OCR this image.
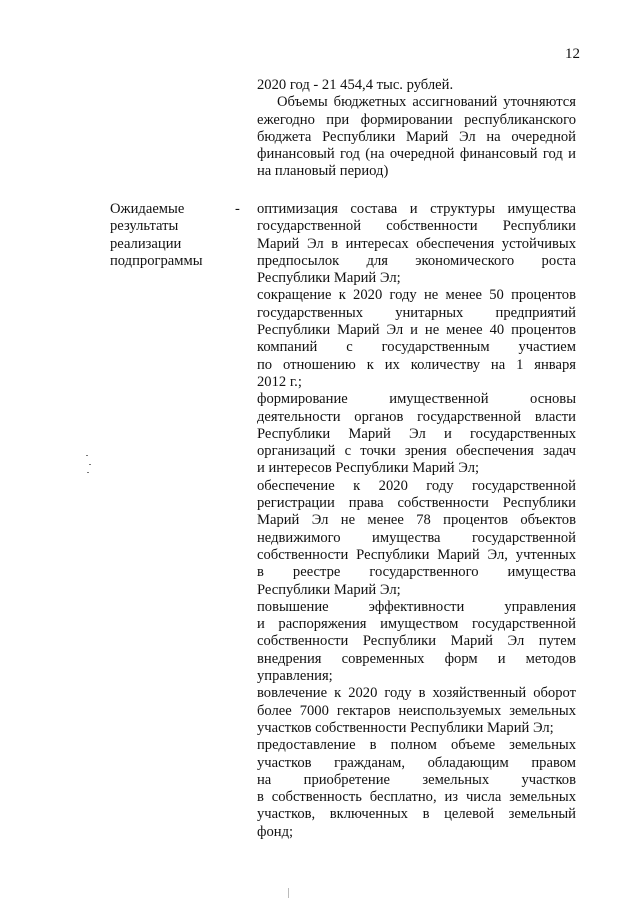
12

2020 год - 21 454,4 тыс. рублей.

Объемы бюджетных ассигнований уточняются ежегодно при формировании республиканского бюджета Республики Марий Эл на очередной финансовый год (на очередной финансовый год и на плановый период)

Ожидаемые
результаты
реализации
подпрограммы
- оптимизация состава и структуры имущества
государственной собственности Республики
Марий Эл в интересах обеспечения устойчивых
предпосылок для экономического роста
Республики Марий Эл;

сокращение к 2020 году не менее 50 процентов
государственных унитарных предприятий
Республики Марий Эл и не менее 40 процентов
компаний с государственным участием
по отношению к их количеству на 1 января
2012 г.;

формирование имущественной основы
деятельности органов государственной власти
Республики Марий Эл и государственных
организаций с точки зрения обеспечения задач
и интересов Республики Марий Эл;

обеспечение к 2020 году государственной
регистрации права собственности Республики
Марий Эл не менее 78 процентов объектов
недвижимого имущества государственной
собственности Республики Марий Эл, учтенных
в реестре государственного имущества
Республики Марий Эл;

повышение эффективности управления
и распоряжения имуществом государственной
собственности Республики Марий Эл путем
внедрения современных форм и методов
управления;

вовлечение к 2020 году в хозяйственный оборот
более 7000 гектаров неиспользуемых земельных
участков собственности Республики Марий Эл;

предоставление в полном объеме земельных
участков гражданам, обладающим правом
на приобретение земельных участков
в собственность бесплатно, из числа земельных
участков, включенных в целевой земельный
фонд;
